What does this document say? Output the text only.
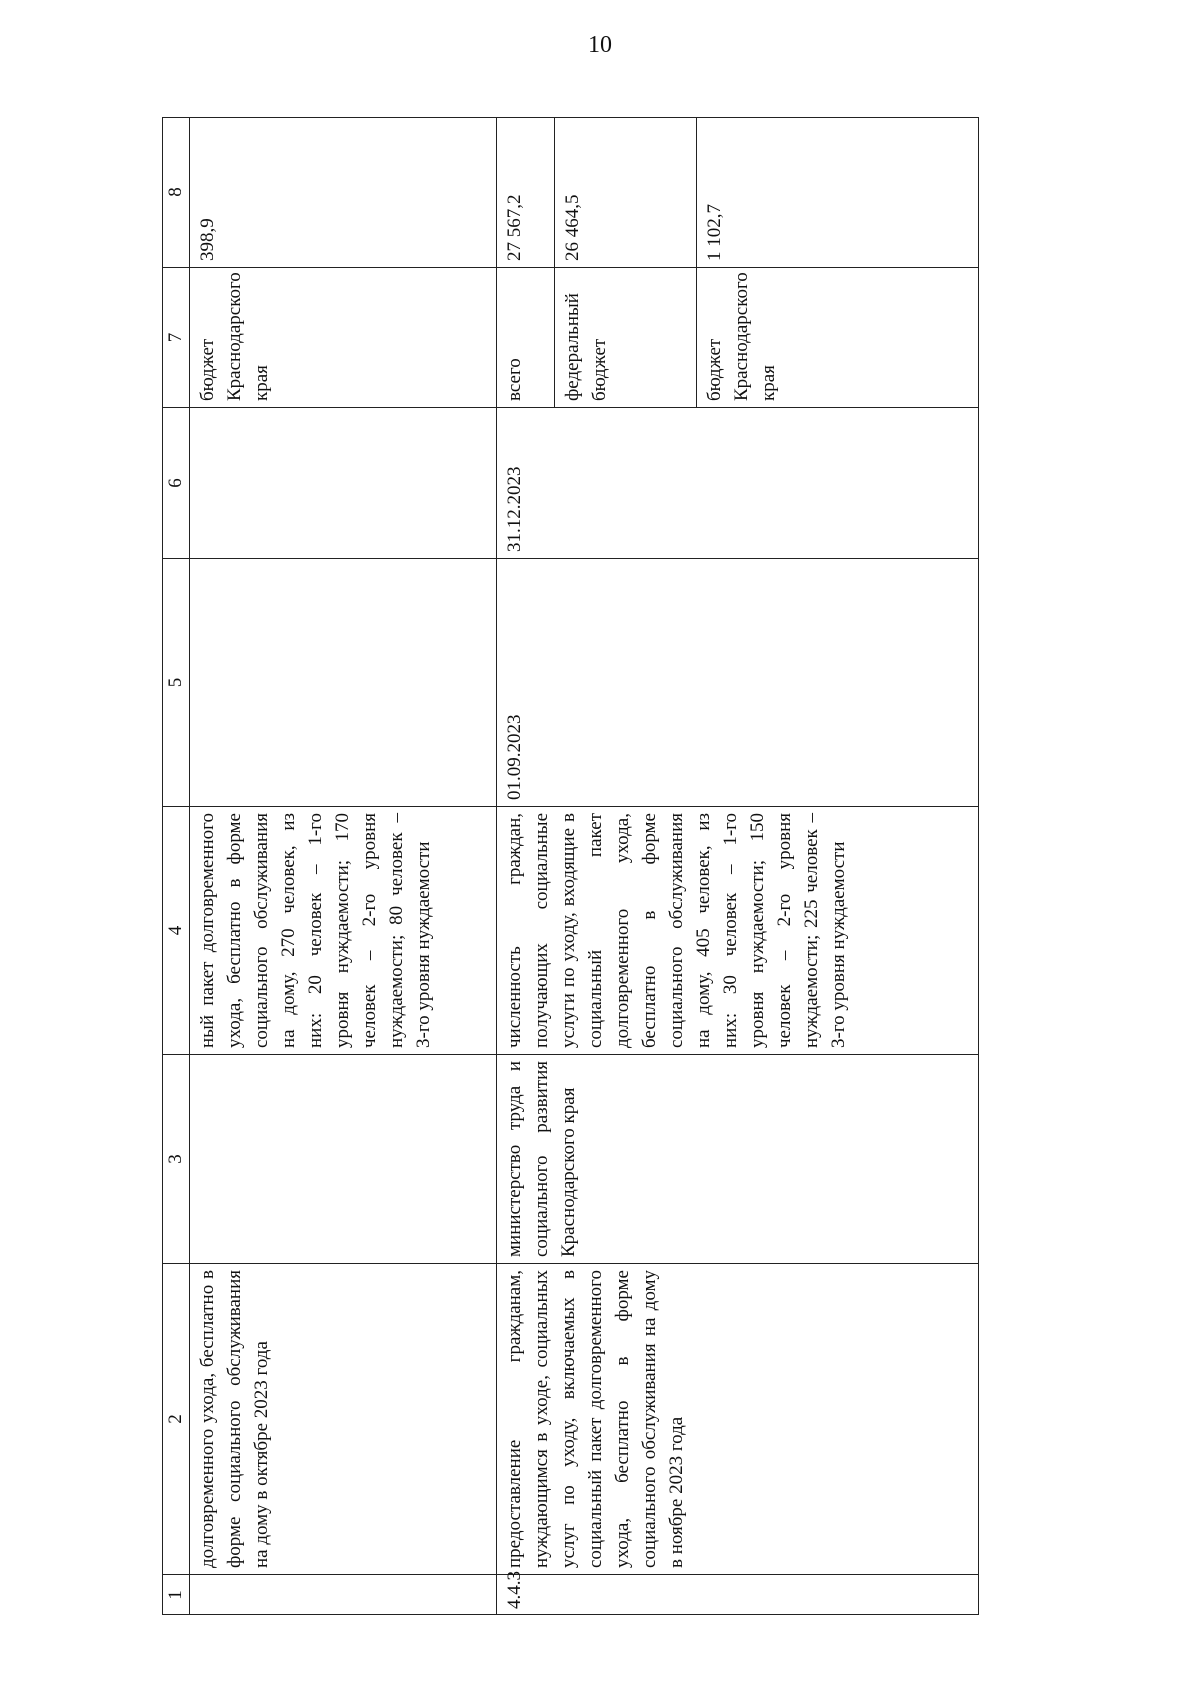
10
1
2
3
4
5
6
7
8
долговременного ухода, бесплатно в форме социального обслуживания на дому в октябре 2023 года
ный пакет долговременного ухода, бесплатно в форме социального обслуживания на дому, 270 человек, из них: 20 человек – 1-го уровня нуждаемости; 170 человек – 2-го уровня нуждаемости; 80 человек – 3-го уровня нуждаемости
бюджет Краснодарского края
398,9
4.4.3
предоставление гражданам, нуждающимся в уходе, социальных услуг по уходу, включаемых в социальный пакет долговременного ухода, бесплатно в форме социального обслуживания на дому в ноябре 2023 года
министерство труда и социального развития Краснодарского края
численность граждан, получающих социальные услуги по уходу, входящие в социальный пакет долговременного ухода, бесплатно в форме социального обслуживания на дому, 405 человек, из них: 30 человек – 1-го уровня нуждаемости; 150 человек – 2-го уровня нуждаемости; 225 человек – 3-го уровня нуждаемости
01.09.2023
31.12.2023
всего
27 567,2
федеральный бюджет
26 464,5
бюджет Краснодарского края
1 102,7
